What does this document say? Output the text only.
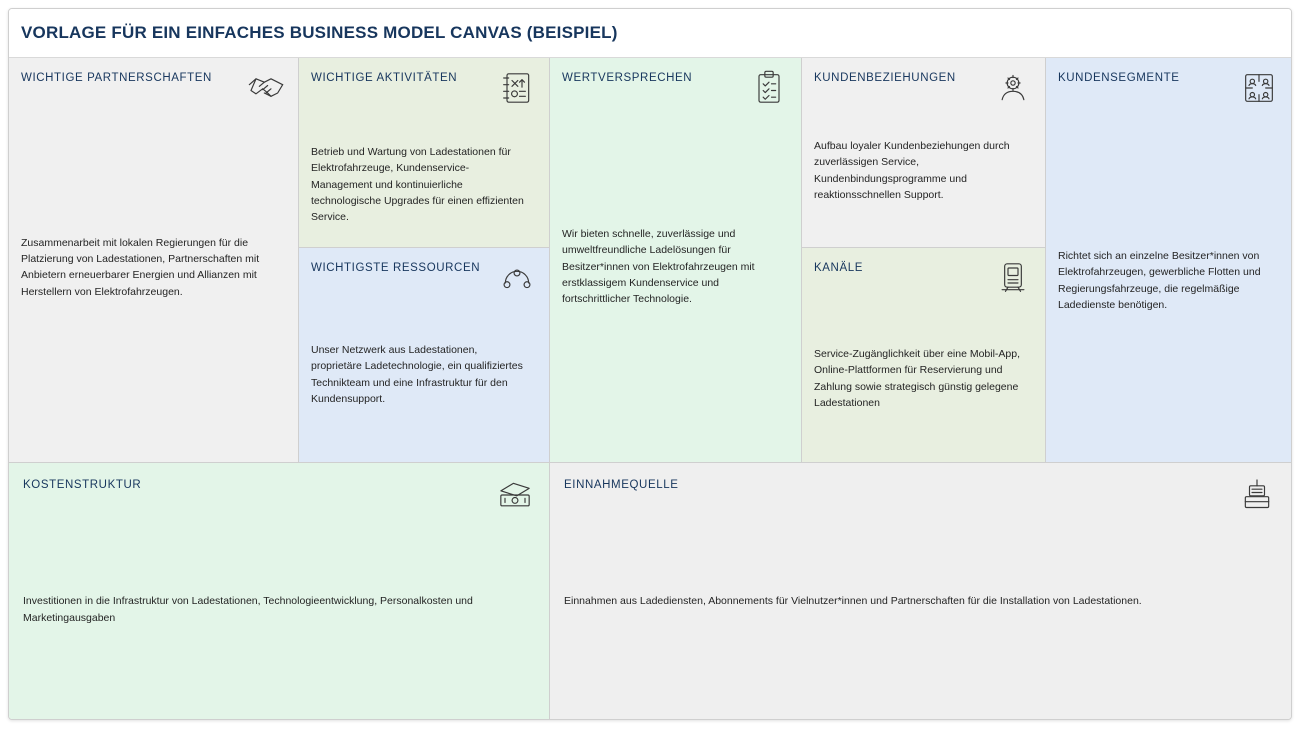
VORLAGE FÜR EIN EINFACHES BUSINESS MODEL CANVAS (BEISPIEL)
WICHTIGE PARTNERSCHAFTEN
Zusammenarbeit mit lokalen Regierungen für die Platzierung von Ladestationen, Partnerschaften mit Anbietern erneuerbarer Energien und Allianzen mit Herstellern von Elektrofahrzeugen.
WICHTIGE AKTIVITÄTEN
Betrieb und Wartung von Ladestationen für Elektrofahrzeuge, Kundenservice-Management und kontinuierliche technologische Upgrades für einen effizienten Service.
WICHTIGSTE RESSOURCEN
Unser Netzwerk aus Ladestationen, proprietäre Ladetechnologie, ein qualifiziertes Technikteam und eine Infrastruktur für den Kundensupport.
WERTVERSPRECHEN
Wir bieten schnelle, zuverlässige und umweltfreundliche Ladelösungen für Besitzer*innen von Elektrofahrzeugen mit erstklassigem Kundenservice und fortschrittlicher Technologie.
KUNDENBEZIEHUNGEN
Aufbau loyaler Kundenbeziehungen durch zuverlässigen Service, Kundenbindungsprogramme und reaktionsschnellen Support.
KANÄLE
Service-Zugänglichkeit über eine Mobil-App, Online-Plattformen für Reservierung und Zahlung sowie strategisch günstig gelegene Ladestationen
KUNDENSEGMENTE
Richtet sich an einzelne Besitzer*innen von Elektrofahrzeugen, gewerbliche Flotten und Regierungsfahrzeuge, die regelmäßige Ladedienste benötigen.
KOSTENSTRUKTUR
Investitionen in die Infrastruktur von Ladestationen, Technologieentwicklung, Personalkosten und Marketingausgaben
EINNAHMEQUELLE
Einnahmen aus Ladediensten, Abonnements für Vielnutzer*innen und Partnerschaften für die Installation von Ladestationen.
